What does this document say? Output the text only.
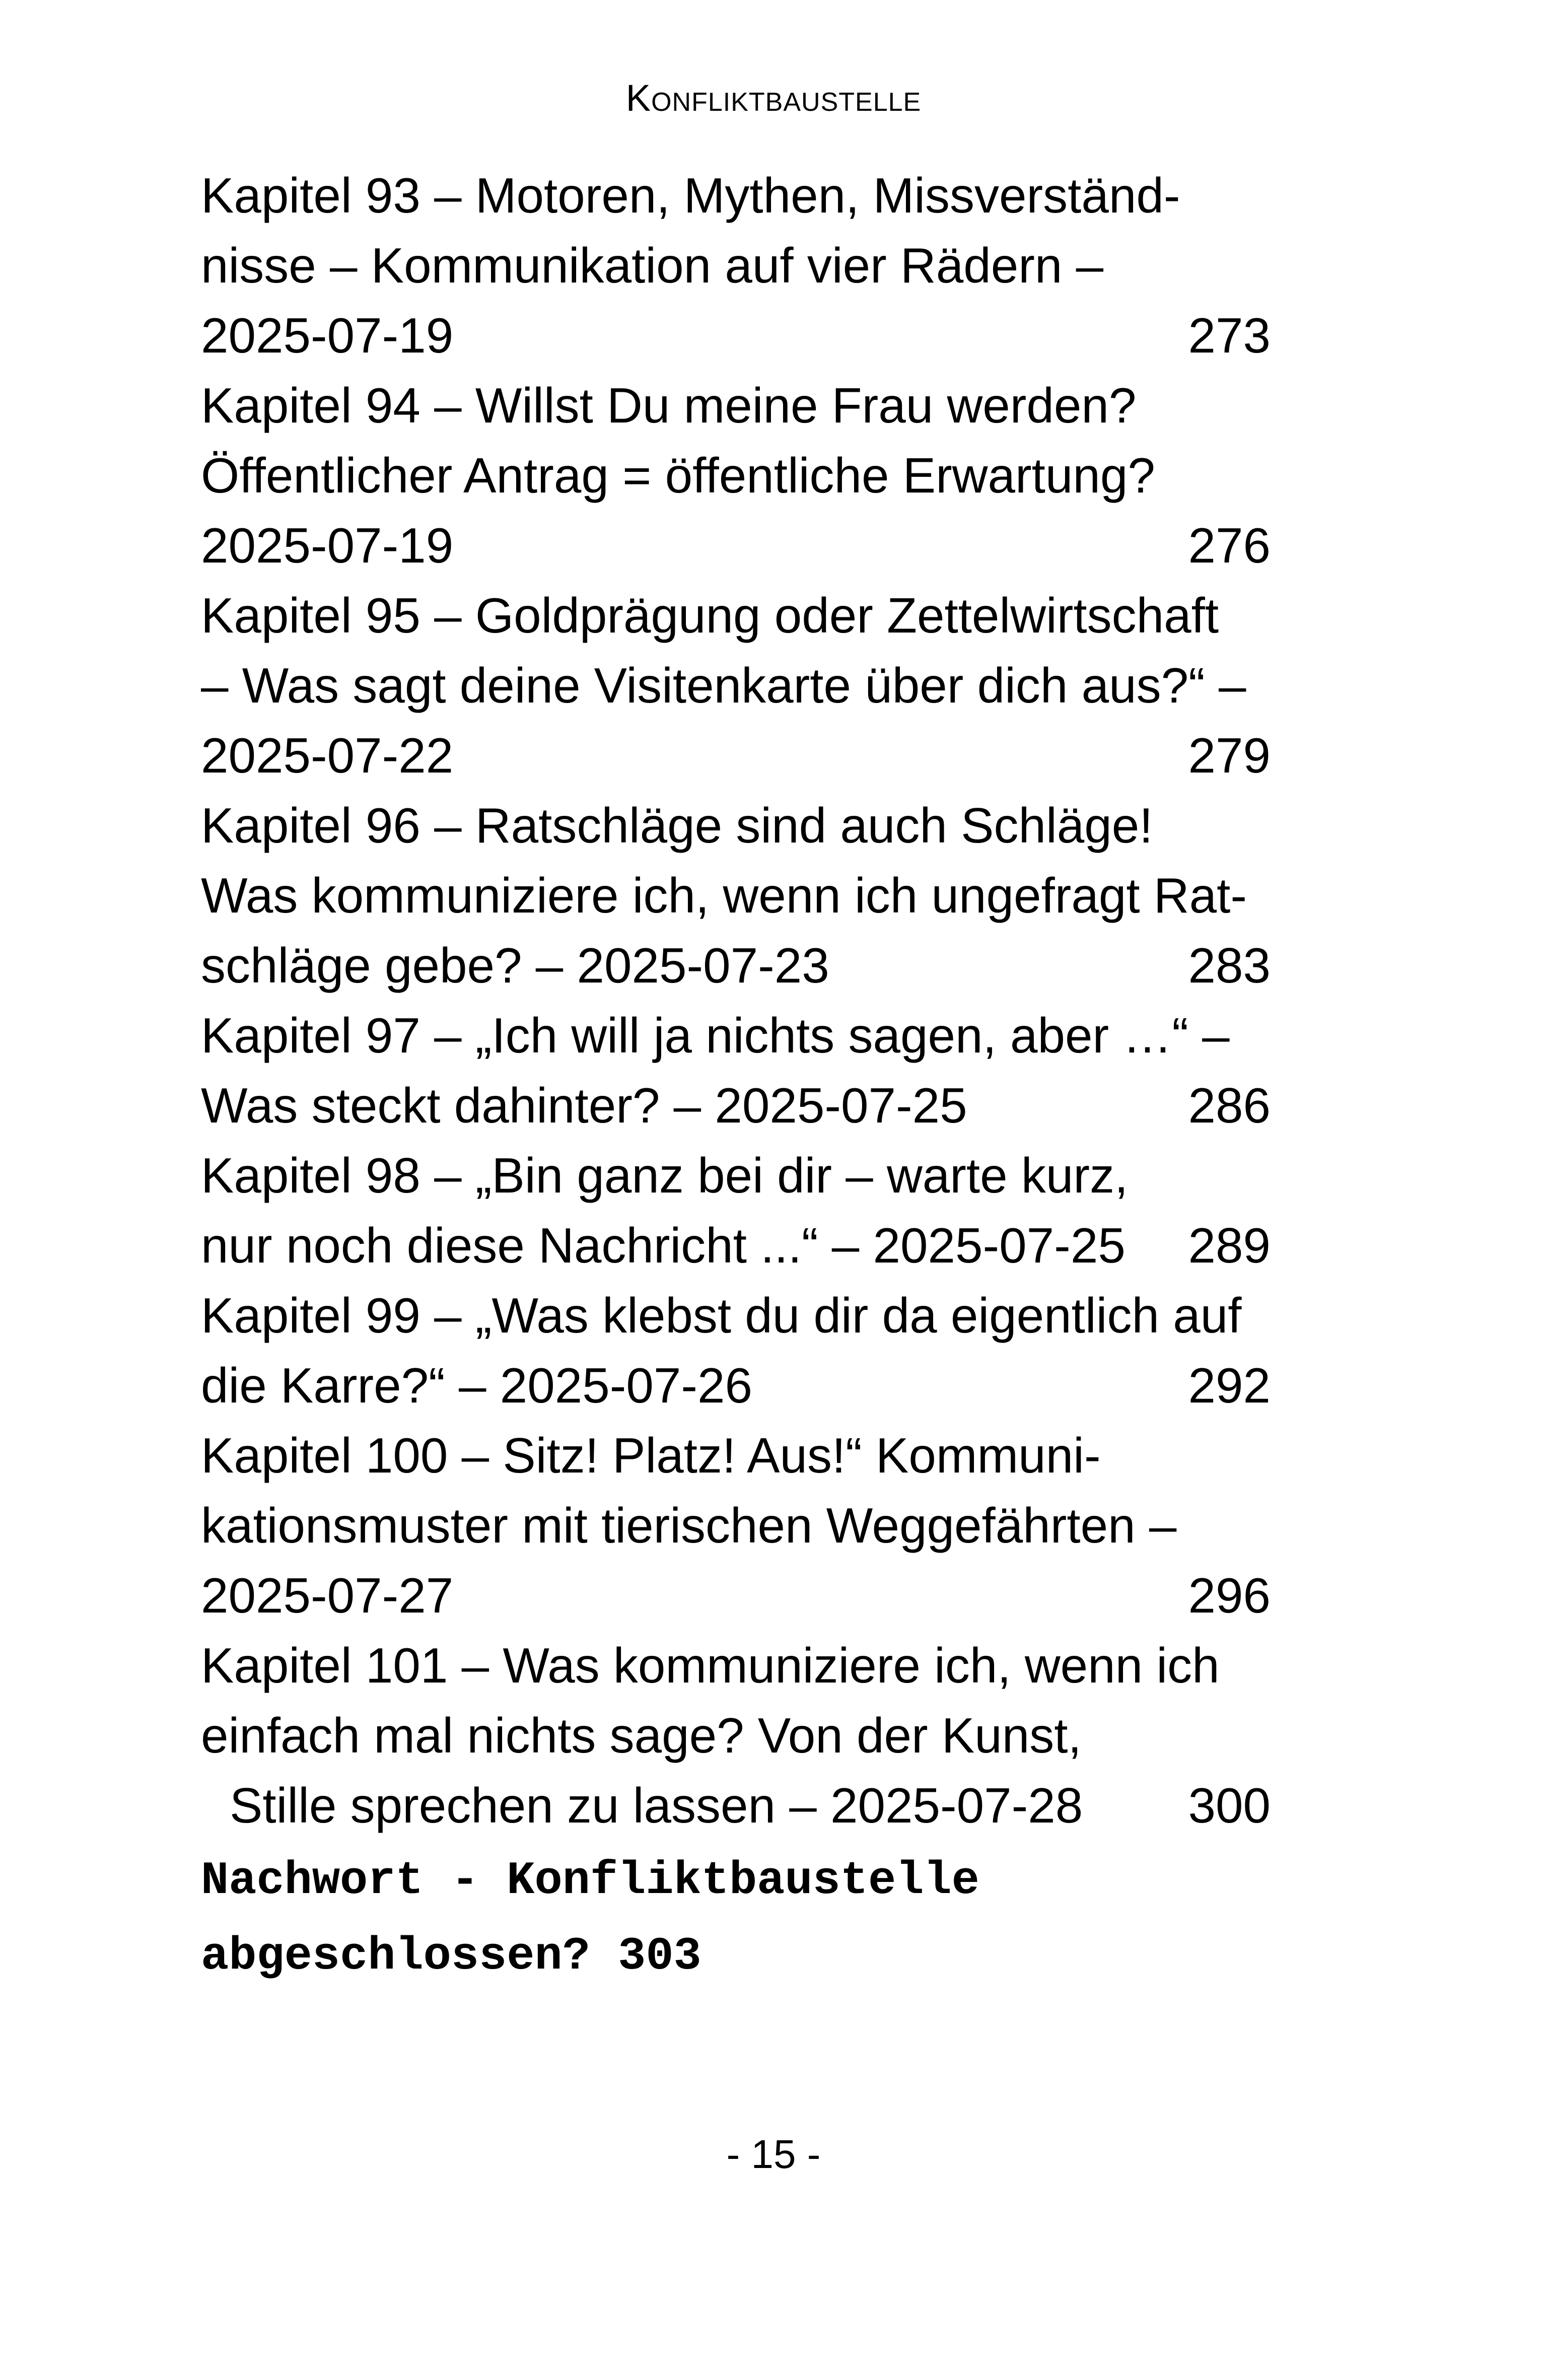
Konfliktbaustelle
Kapitel 93 – Motoren, Mythen, Missverständ-
nisse – Kommunikation auf vier Rädern –
2025-07-19	273
Kapitel 94 – Willst Du meine Frau werden?
Öffentlicher Antrag = öffentliche Erwartung?
2025-07-19	276
Kapitel 95 – Goldprägung oder Zettelwirtschaft
– Was sagt deine Visitenkarte über dich aus?“ –
2025-07-22	279
Kapitel 96 – Ratschläge sind auch Schläge!
Was kommuniziere ich, wenn ich ungefragt Rat-
schläge gebe? – 2025-07-23	283
Kapitel 97 – „Ich will ja nichts sagen, aber …“ –
Was steckt dahinter? – 2025-07-25	286
Kapitel 98 – „Bin ganz bei dir – warte kurz,
nur noch diese Nachricht ...“ – 2025-07-25 289
Kapitel 99 – „Was klebst du dir da eigentlich auf
die Karre?“ – 2025-07-26	292
Kapitel 100 – Sitz! Platz! Aus!“ Kommuni-
kationsmuster mit tierischen Weggefährten –
2025-07-27	296
Kapitel 101 – Was kommuniziere ich, wenn ich
einfach mal nichts sage? Von der Kunst,
Stille sprechen zu lassen – 2025-07-28 300
Nachwort - Konfliktbaustelle
abgeschlossen? 303
- 15 -
